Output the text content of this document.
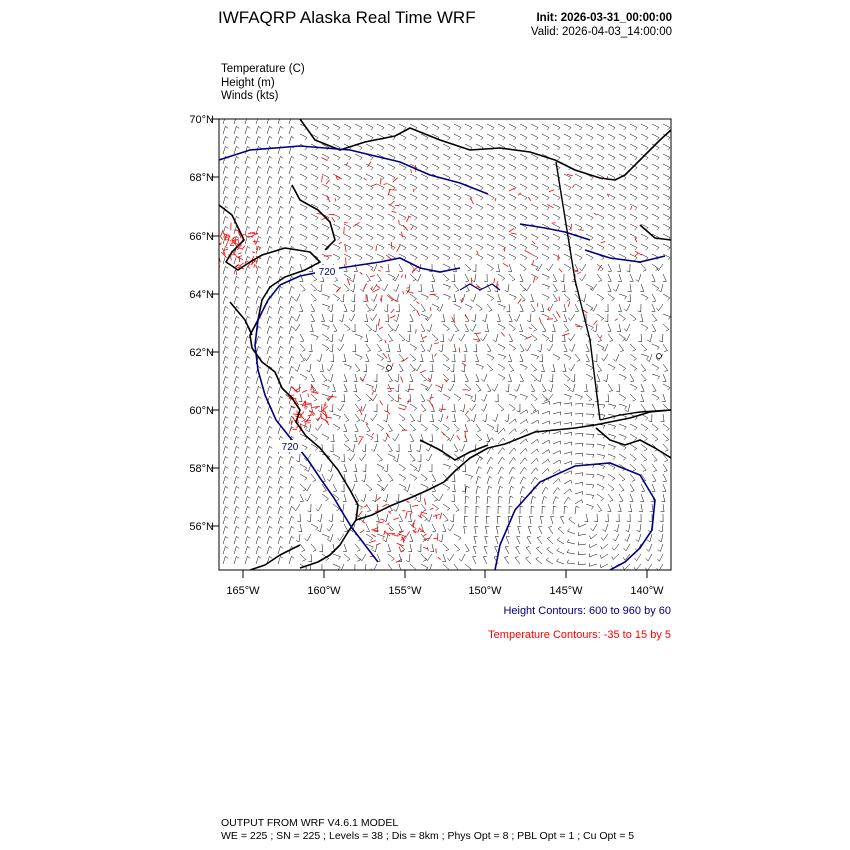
IWFAQRP Alaska Real Time WRF	Init: 2026-03-31_00:00:00
Valid: 2026-04-03_14:00:00
Temperature (C)
Height (m)
Winds (kts)
720
720
720
70°N
68°N
66°N
64°N
62°N
60°N
58°N
56°N
165°W	160°W	155°W	150°W	145°W	140°W
Height Contours: 600 to 960 by 60
Temperature Contours: -35 to 15 by 5
OUTPUT FROM WRF V4.6.1 MODEL
WE = 225 ; SN = 225 ; Levels = 38 ; Dis = 8km ; Phys Opt = 8 ; PBL Opt = 1 ; Cu Opt = 5
